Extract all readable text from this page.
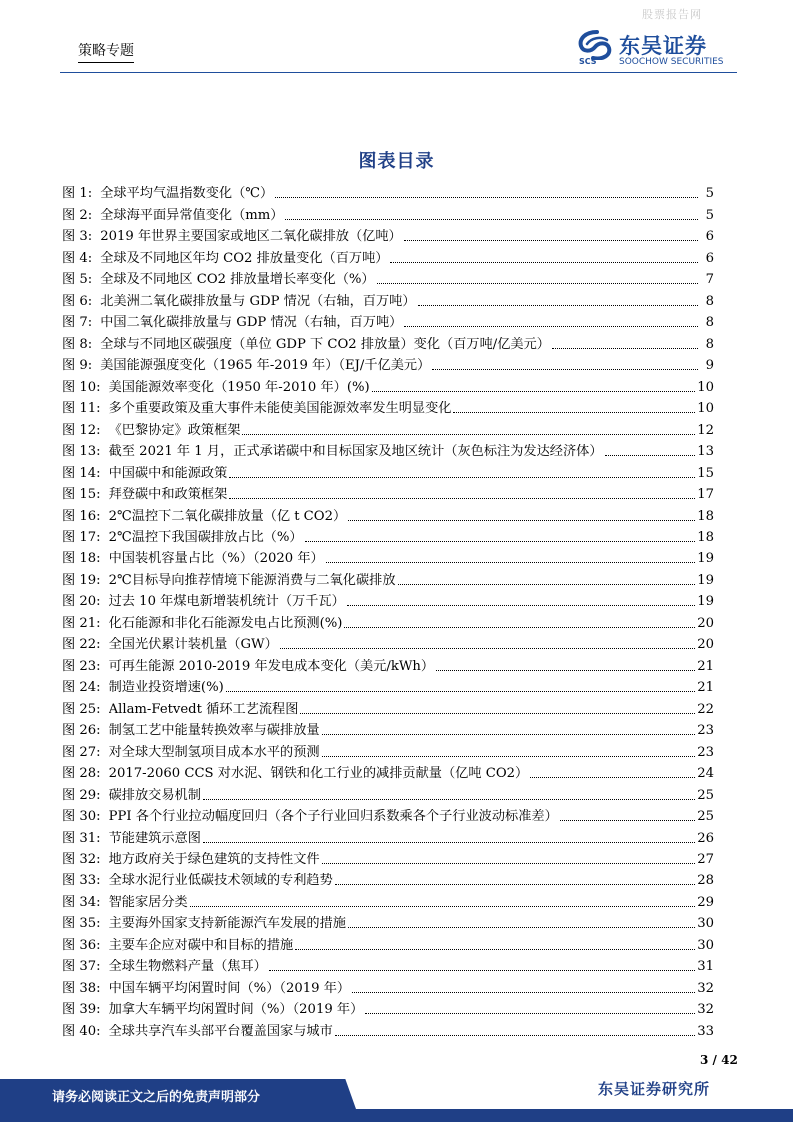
股票报告网
策略专题	东吴证券
SOOCHOW SECURITIES
SCS
图表目录
图 1: 全球平均气温指数变化（℃）	5
图 2: 全球海平面异常值变化（mm）	5
图 3: 2019 年世界主要国家或地区二氧化碳排放（亿吨）	6
图 4: 全球及不同地区年均 CO2 排放量变化（百万吨）	6
图 5: 全球及不同地区 CO2 排放量增长率变化（%）	7
图 6: 北美洲二氧化碳排放量与 GDP 情况（右轴，百万吨）	8
图 7: 中国二氧化碳排放量与 GDP 情况（右轴，百万吨）	8
图 8: 全球与不同地区碳强度（单位 GDP 下 CO2 排放量）变化（百万吨/亿美元）	8
图 9: 美国能源强度变化（1965 年-2019 年）（EJ/千亿美元）	9
图 10: 美国能源效率变化（1950 年-2010 年）(%)	10
图 11: 多个重要政策及重大事件未能使美国能源效率发生明显变化	10
图 12: 《巴黎协定》政策框架	12
图 13: 截至 2021 年 1 月，正式承诺碳中和目标国家及地区统计（灰色标注为发达经济体）	13
图 14: 中国碳中和能源政策	15
图 15: 拜登碳中和政策框架	17
图 16: 2℃温控下二氧化碳排放量（亿 t CO2）	18
图 17: 2℃温控下我国碳排放占比（%）	18
图 18: 中国装机容量占比（%）（2020 年）	19
图 19: 2℃目标导向推荐情境下能源消费与二氧化碳排放	19
图 20: 过去 10 年煤电新增装机统计（万千瓦）	19
图 21: 化石能源和非化石能源发电占比预测(%)	20
图 22: 全国光伏累计装机量（GW）	20
图 23: 可再生能源 2010-2019 年发电成本变化（美元/kWh）	21
图 24: 制造业投资增速(%)	21
图 25: Allam-Fetvedt 循环工艺流程图	22
图 26: 制氢工艺中能量转换效率与碳排放量	23
图 27: 对全球大型制氢项目成本水平的预测	23
图 28: 2017-2060 CCS 对水泥、钢铁和化工行业的减排贡献量（亿吨 CO2）	24
图 29: 碳排放交易机制	25
图 30: PPI 各个行业拉动幅度回归（各个子行业回归系数乘各个子行业波动标准差）	25
图 31: 节能建筑示意图	26
图 32: 地方政府关于绿色建筑的支持性文件	27
图 33: 全球水泥行业低碳技术领域的专利趋势	28
图 34: 智能家居分类	29
图 35: 主要海外国家支持新能源汽车发展的措施	30
图 36: 主要车企应对碳中和目标的措施	30
图 37: 全球生物燃料产量（焦耳）	31
图 38: 中国车辆平均闲置时间（%）（2019 年）	32
图 39: 加拿大车辆平均闲置时间（%）（2019 年）	32
图 40: 全球共享汽车头部平台覆盖国家与城市	33
3 / 42
请务必阅读正文之后的免责声明部分	东吴证券研究所
